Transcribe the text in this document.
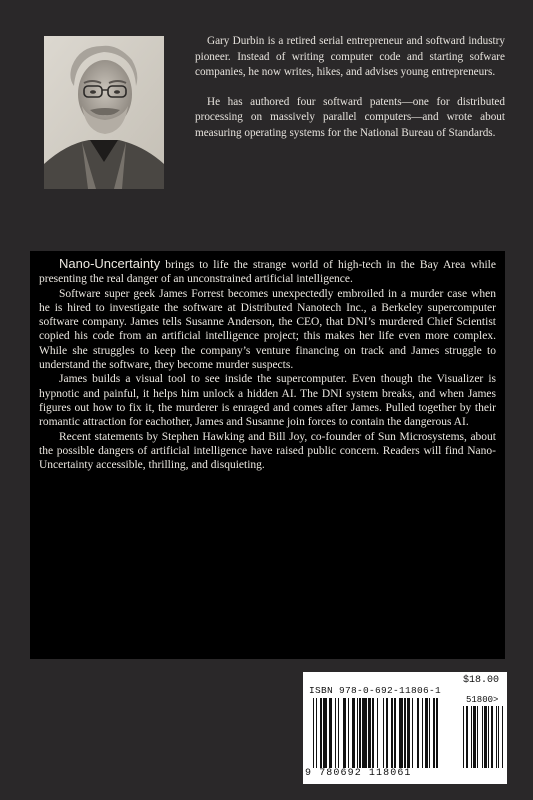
Gary Durbin is a retired serial entrepreneur and softward industry pioneer. Instead of writing computer code and starting sofware companies, he now writes, hikes, and advises young entrepreneurs.

He has authored four softward patents—one for distributed processing on massively parallel computers—and wrote about measuring operating systems for the National Bureau of Standards.

Nano-Uncertainty brings to life the strange world of high-tech in the Bay Area while presenting the real danger of an unconstrained artificial intelligence.

Software super geek James Forrest becomes unexpectedly embroiled in a murder case when he is hired to investigate the software at Distributed Nanotech Inc., a Berkeley supercomputer software company. James tells Susanne Anderson, the CEO, that DNI’s murdered Chief Scientist copied his code from an artificial intelligence project; this makes her life even more complex. While she struggles to keep the company’s venture financing on track and James struggle to understand the software, they become murder suspects.

James builds a visual tool to see inside the supercomputer. Even though the Visualizer is hypnotic and painful, it helps him unlock a hidden AI. The DNI system breaks, and when James figures out how to fix it, the murderer is enraged and comes after James. Pulled together by their romantic attraction for eachother, James and Susanne join forces to contain the dangerous AI.

Recent statements by Stephen Hawking and Bill Joy, co-founder of Sun Microsystems, about the possible dangers of artificial intelligence have raised public concern. Readers will find Nano-Uncertainty accessible, thrilling, and disquieting.

$18.00
ISBN 978-0-692-11806-1
51800>
9 780692 118061
